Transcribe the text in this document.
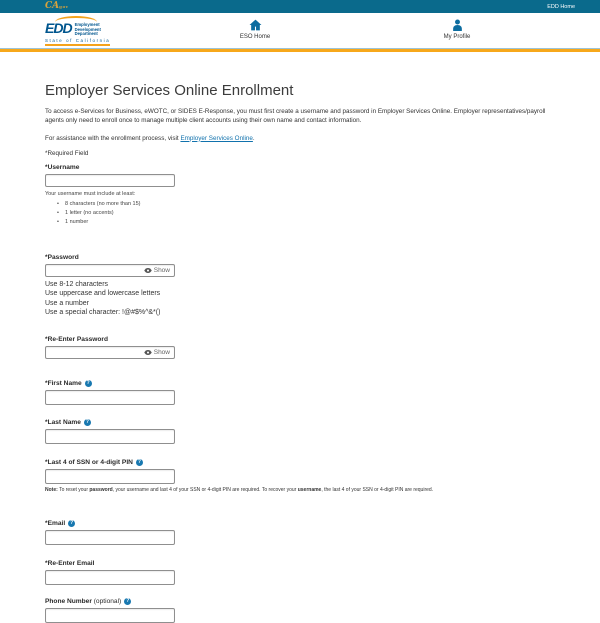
CAgov	EDD Home
EDD Employment
Development
Department
State of California
ESO Home	My Profile
Employer Services Online Enrollment

To access e-Services for Business, eWOTC, or SIDES E-Response, you must first create a username and password in Employer Services Online. Employer representatives/payroll agents only need to enroll once to manage multiple client accounts using their own name and contact information.

For assistance with the enrollment process, visit Employer Services Online.

*Required Field

*Username
Your username must include at least:
• 8 characters (no more than 15)
• 1 letter (no accents)
• 1 number
*Password
Show
Use 8-12 characters
Use uppercase and lowercase letters
Use a number
Use a special character: !@#$%^&*()
*Re-Enter Password
Show
*First Name ?
*Last Name ?
*Last 4 of SSN or 4-digit PIN ?
Note: To reset your password, your username and last 4 of your SSN or 4-digit PIN are required. To recover your username, the last 4 of your SSN or 4-digit PIN are required.
*Email ?
*Re-Enter Email
Phone Number (optional) ?
